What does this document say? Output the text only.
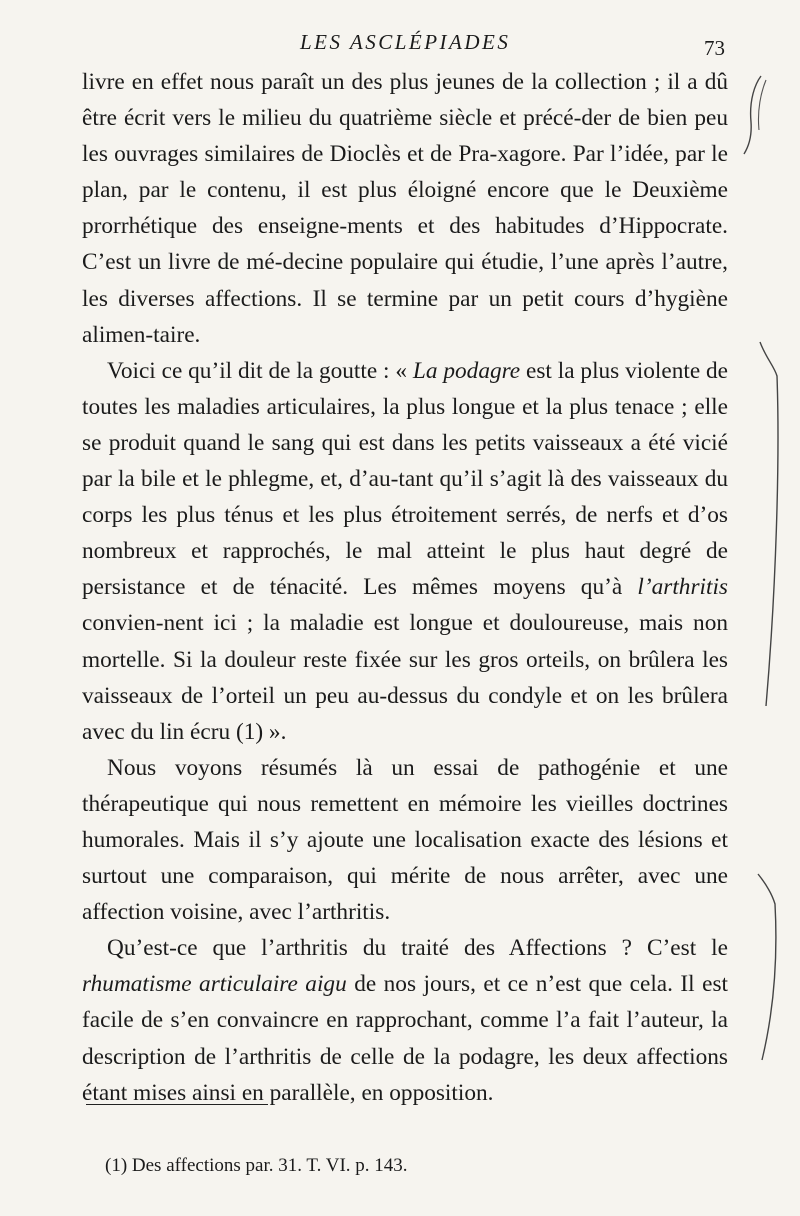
LES ASCLÉPIADES	73

livre en effet nous paraît un des plus jeunes de la collection ; il a dû être écrit vers le milieu du quatrième siècle et précé-der de bien peu les ouvrages similaires de Dioclès et de Pra-xagore. Par l’idée, par le plan, par le contenu, il est plus éloigné encore que le Deuxième prorrhétique des enseigne-ments et des habitudes d’Hippocrate. C’est un livre de mé-decine populaire qui étudie, l’une après l’autre, les diverses affections. Il se termine par un petit cours d’hygiène alimen-taire.

Voici ce qu’il dit de la goutte : « La podagre est la plus violente de toutes les maladies articulaires, la plus longue et la plus tenace ; elle se produit quand le sang qui est dans les petits vaisseaux a été vicié par la bile et le phlegme, et, d’au-tant qu’il s’agit là des vaisseaux du corps les plus ténus et les plus étroitement serrés, de nerfs et d’os nombreux et rapprochés, le mal atteint le plus haut degré de persistance et de ténacité. Les mêmes moyens qu’à l’arthritis convien-nent ici ; la maladie est longue et douloureuse, mais non mortelle. Si la douleur reste fixée sur les gros orteils, on brûlera les vaisseaux de l’orteil un peu au-dessus du condyle et on les brûlera avec du lin écru (1) ».

Nous voyons résumés là un essai de pathogénie et une thérapeutique qui nous remettent en mémoire les vieilles doctrines humorales. Mais il s’y ajoute une localisation exacte des lésions et surtout une comparaison, qui mérite de nous arrêter, avec une affection voisine, avec l’arthritis.

Qu’est-ce que l’arthritis du traité des Affections ? C’est le rhumatisme articulaire aigu de nos jours, et ce n’est que cela. Il est facile de s’en convaincre en rapprochant, comme l’a fait l’auteur, la description de l’arthritis de celle de la podagre, les deux affections étant mises ainsi en parallèle, en opposition.

(1) Des affections par. 31. T. VI. p. 143.
